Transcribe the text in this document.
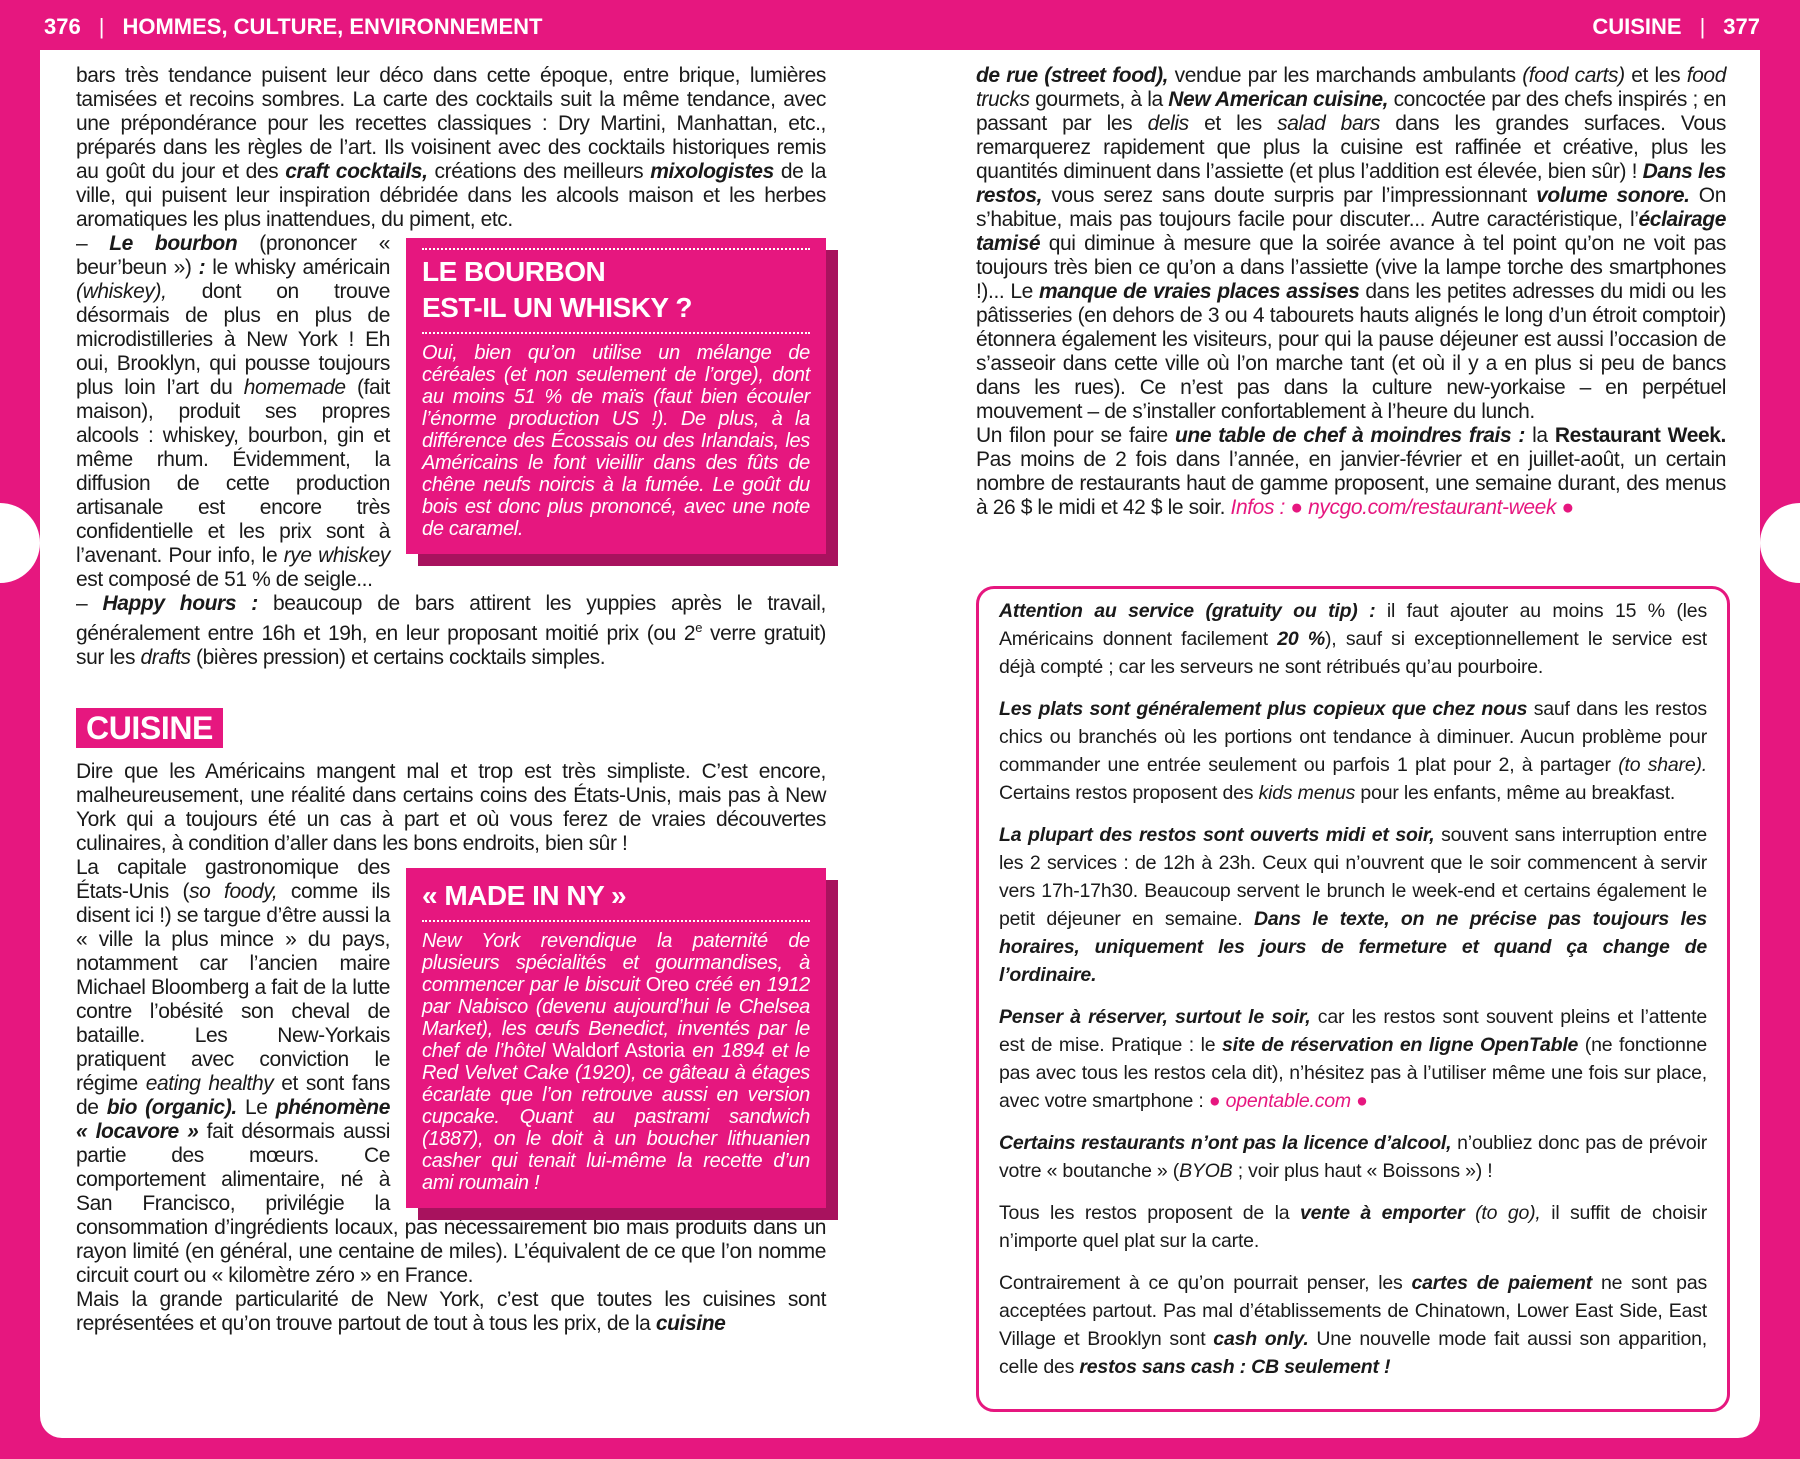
376 | HOMMES, CULTURE, ENVIRONNEMENT	CUISINE | 377

bars très tendance puisent leur déco dans cette époque, entre brique, lumières tamisées et recoins sombres. La carte des cocktails suit la même tendance, avec une prépondérance pour les recettes classiques : Dry Martini, Manhattan, etc., préparés dans les règles de l’art. Ils voisinent avec des cocktails historiques remis au goût du jour et des craft cocktails, créations des meilleurs mixologistes de la ville, qui puisent leur inspiration débridée dans les alcools maison et les herbes aromatiques les plus inattendues, du piment, etc.

LE BOURBON
EST-IL UN WHISKY ?
Oui, bien qu’on utilise un mélange de céréales (et non seulement de l’orge), dont au moins 51 % de maïs (faut bien écouler l’énorme production US !). De plus, à la différence des Écossais ou des Irlandais, les Américains le font vieillir dans des fûts de chêne neufs noircis à la fumée. Le goût du bois est donc plus prononcé, avec une note de caramel.

– Le bourbon (prononcer « beur’beun ») : le whisky américain (whiskey), dont on trouve désormais de plus en plus de microdistilleries à New York ! Eh oui, Brooklyn, qui pousse toujours plus loin l’art du homemade (fait maison), produit ses propres alcools : whiskey, bourbon, gin et même rhum. Évidemment, la diffusion de cette production artisanale est encore très confidentielle et les prix sont à l’avenant. Pour info, le rye whiskey est composé de 51 % de seigle...

– Happy hours : beaucoup de bars attirent les yuppies après le travail, généralement entre 16h et 19h, en leur proposant moitié prix (ou 2e verre gratuit) sur les drafts (bières pression) et certains cocktails simples.

CUISINE

Dire que les Américains mangent mal et trop est très simpliste. C’est encore, malheureusement, une réalité dans certains coins des États-Unis, mais pas à New York qui a toujours été un cas à part et où vous ferez de vraies découvertes culinaires, à condition d’aller dans les bons endroits, bien sûr !

« MADE IN NY »
New York revendique la paternité de plusieurs spécialités et gourmandises, à commencer par le biscuit Oreo créé en 1912 par Nabisco (devenu aujourd’hui le Chelsea Market), les œufs Benedict, inventés par le chef de l’hôtel Waldorf Astoria en 1894 et le Red Velvet Cake (1920), ce gâteau à étages écarlate que l’on retrouve aussi en version cupcake. Quant au pastrami sandwich (1887), on le doit à un boucher lithuanien casher qui tenait lui-même la recette d’un ami roumain !

La capitale gastronomique des États-Unis (so foody, comme ils disent ici !) se targue d’être aussi la « ville la plus mince » du pays, notamment car l’ancien maire Michael Bloomberg a fait de la lutte contre l’obésité son cheval de bataille. Les New-Yorkais pratiquent avec conviction le régime eating healthy et sont fans de bio (organic). Le phénomène « locavore » fait désormais aussi partie des mœurs. Ce comportement alimentaire, né à San Francisco, privilégie la consommation d’ingrédients locaux, pas nécessairement bio mais produits dans un rayon limité (en général, une centaine de miles). L’équivalent de ce que l’on nomme circuit court ou « kilomètre zéro » en France.

Mais la grande particularité de New York, c’est que toutes les cuisines sont représentées et qu’on trouve partout de tout à tous les prix, de la cuisine

de rue (street food), vendue par les marchands ambulants (food carts) et les food trucks gourmets, à la New American cuisine, concoctée par des chefs inspirés ; en passant par les delis et les salad bars dans les grandes surfaces. Vous remarquerez rapidement que plus la cuisine est raffinée et créative, plus les quantités diminuent dans l’assiette (et plus l’addition est élevée, bien sûr) ! Dans les restos, vous serez sans doute surpris par l’impressionnant volume sonore. On s’habitue, mais pas toujours facile pour discuter... Autre caractéristique, l’éclairage tamisé qui diminue à mesure que la soirée avance à tel point qu’on ne voit pas toujours très bien ce qu’on a dans l’assiette (vive la lampe torche des smartphones !)... Le manque de vraies places assises dans les petites adresses du midi ou les pâtisseries (en dehors de 3 ou 4 tabourets hauts alignés le long d’un étroit comptoir) étonnera également les visiteurs, pour qui la pause déjeuner est aussi l’occasion de s’asseoir dans cette ville où l’on marche tant (et où il y a en plus si peu de bancs dans les rues). Ce n’est pas dans la culture new-yorkaise – en perpétuel mouvement – de s’installer confortablement à l’heure du lunch.

Un filon pour se faire une table de chef à moindres frais : la Restaurant Week. Pas moins de 2 fois dans l’année, en janvier-février et en juillet-août, un certain nombre de restaurants haut de gamme proposent, une semaine durant, des menus à 26 $ le midi et 42 $ le soir. Infos : ● nycgo.com/restaurant-week ●

Attention au service (gratuity ou tip) : il faut ajouter au moins 15 % (les Américains donnent facilement 20 %), sauf si exceptionnellement le service est déjà compté ; car les serveurs ne sont rétribués qu’au pourboire.

Les plats sont généralement plus copieux que chez nous sauf dans les restos chics ou branchés où les portions ont tendance à diminuer. Aucun problème pour commander une entrée seulement ou parfois 1 plat pour 2, à partager (to share). Certains restos proposent des kids menus pour les enfants, même au breakfast.

La plupart des restos sont ouverts midi et soir, souvent sans interruption entre les 2 services : de 12h à 23h. Ceux qui n’ouvrent que le soir commencent à servir vers 17h-17h30. Beaucoup servent le brunch le week-end et certains également le petit déjeuner en semaine. Dans le texte, on ne précise pas toujours les horaires, uniquement les jours de fermeture et quand ça change de l’ordinaire.

Penser à réserver, surtout le soir, car les restos sont souvent pleins et l’attente est de mise. Pratique : le site de réservation en ligne OpenTable (ne fonctionne pas avec tous les restos cela dit), n’hésitez pas à l’utiliser même une fois sur place, avec votre smartphone : ● opentable.com ●

Certains restaurants n’ont pas la licence d’alcool, n’oubliez donc pas de prévoir votre « boutanche » (BYOB ; voir plus haut « Boissons ») !

Tous les restos proposent de la vente à emporter (to go), il suffit de choisir n’importe quel plat sur la carte.

Contrairement à ce qu’on pourrait penser, les cartes de paiement ne sont pas acceptées partout. Pas mal d’établissements de Chinatown, Lower East Side, East Village et Brooklyn sont cash only. Une nouvelle mode fait aussi son apparition, celle des restos sans cash : CB seulement !
